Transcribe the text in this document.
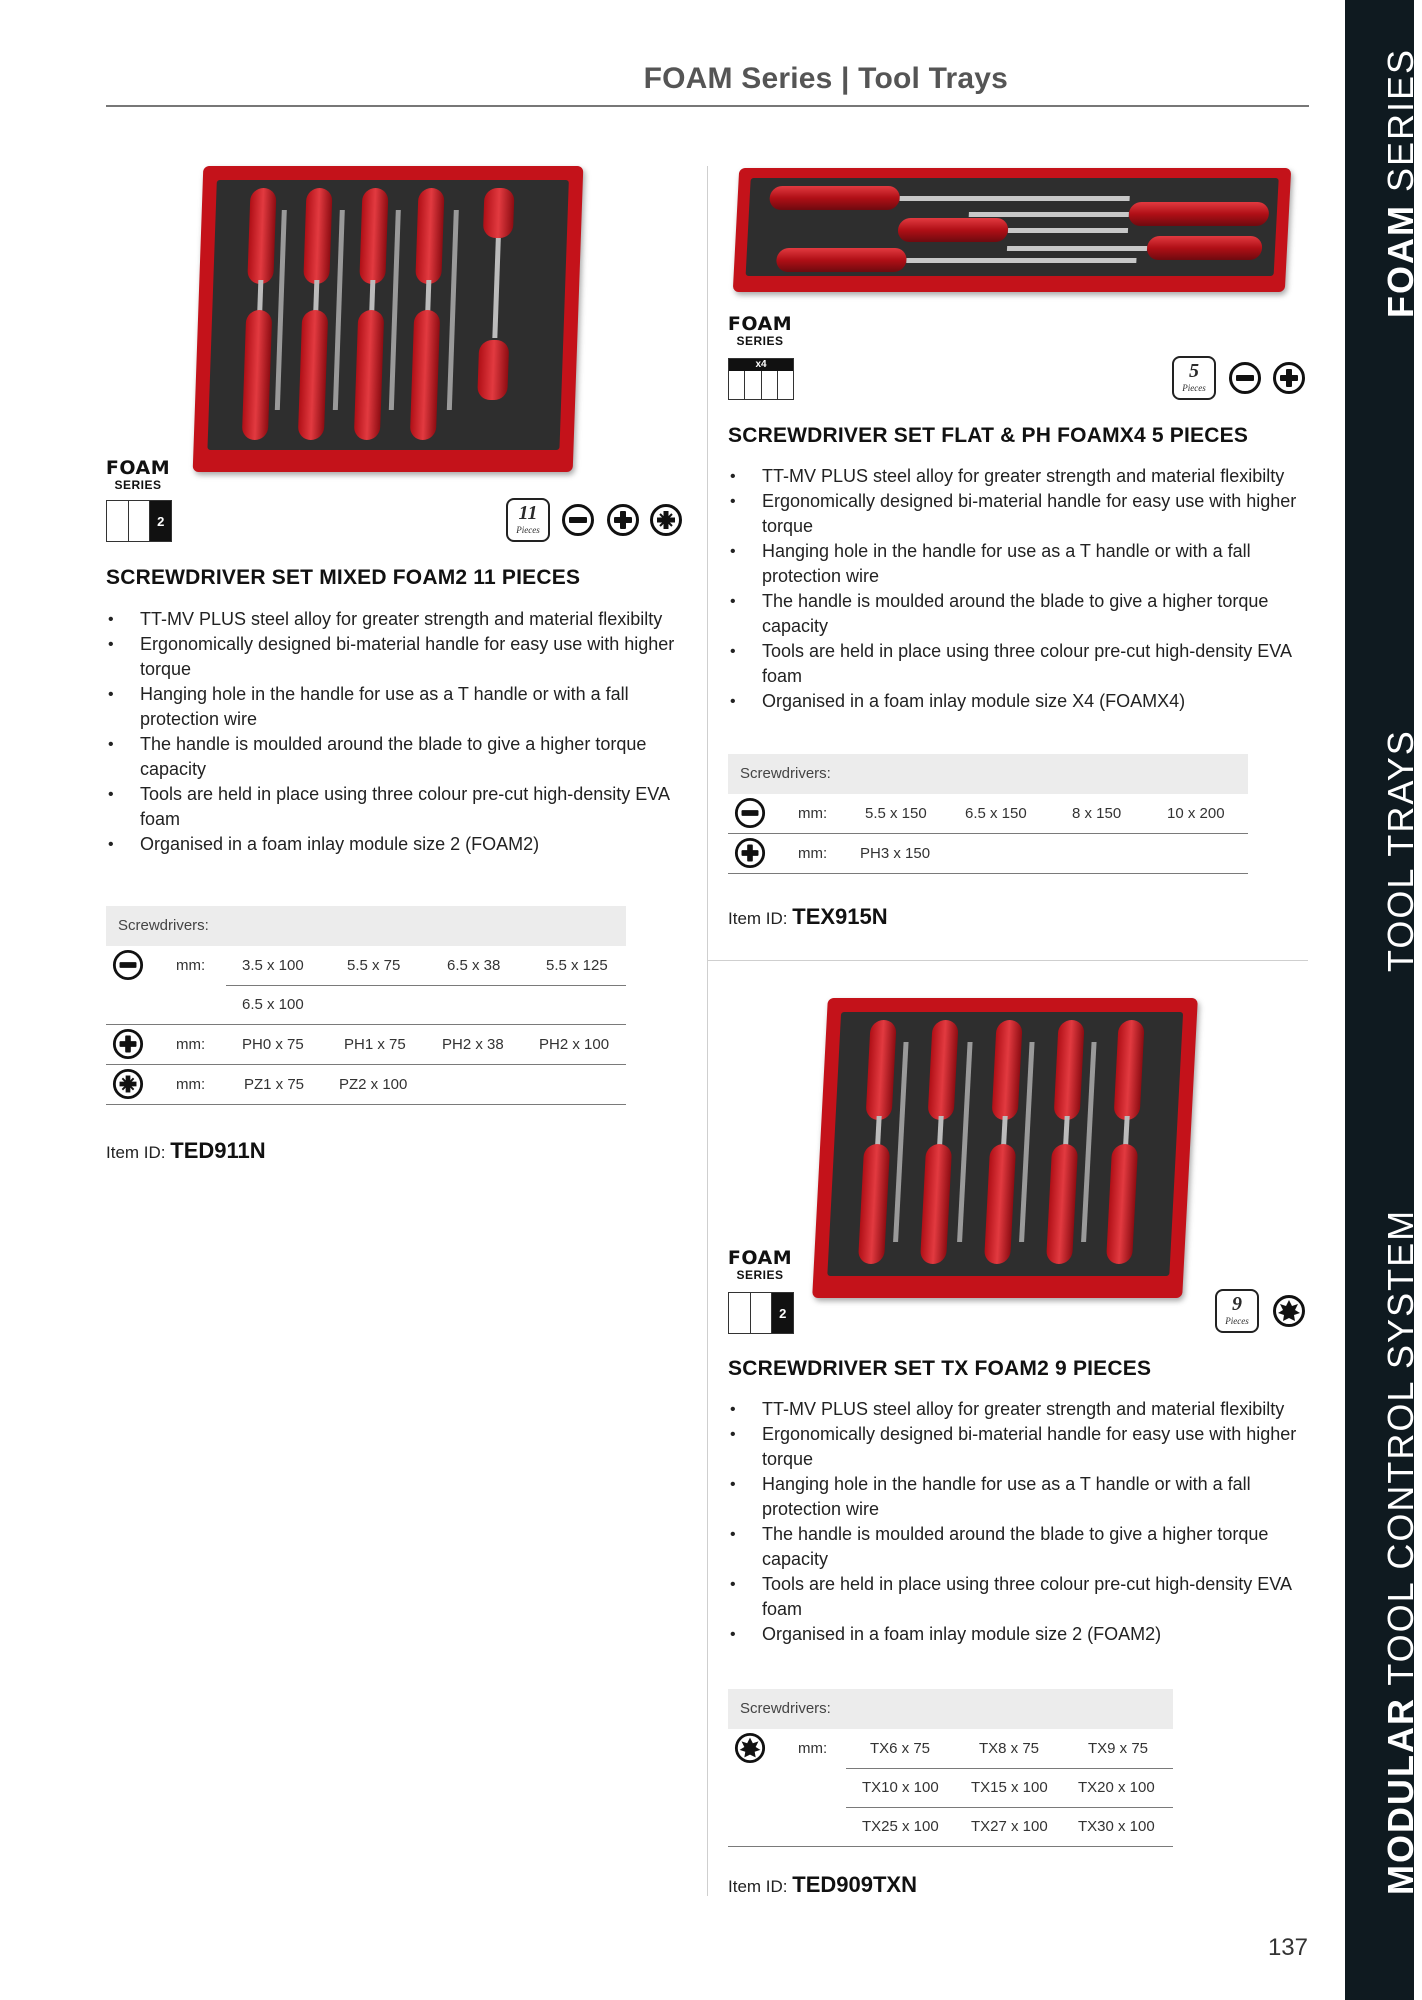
FOAM Series | Tool Trays
FOAM SERIES
TOOL TRAYS
MODULAR TOOL CONTROL SYSTEM
FOAM
SERIES
2	11
Pieces
SCREWDRIVER SET MIXED FOAM2 11 PIECES
• TT-MV PLUS steel alloy for greater strength and material flexibilty
• Ergonomically designed bi-material handle for easy use with higher torque
• Hanging hole in the handle for use as a T handle or with a fall protection wire
• The handle is moulded around the blade to give a higher torque capacity
• Tools are held in place using three colour pre-cut high-density EVA foam
• Organised in a foam inlay module size 2 (FOAM2)
Screwdrivers:
mm: 3.5 x 100	5.5 x 75	6.5 x 38	5.5 x 125
6.5 x 100
mm: PH0 x 75	PH1 x 75 PH2 x 38 PH2 x 100
mm:	PZ1 x 75 PZ2 x 100
Item ID: TED911N
FOAM
SERIES
x4	5
Pieces
SCREWDRIVER SET FLAT & PH FOAMX4 5 PIECES
• TT-MV PLUS steel alloy for greater strength and material flexibilty
• Ergonomically designed bi-material handle for easy use with higher torque
• Hanging hole in the handle for use as a T handle or with a fall protection wire
• The handle is moulded around the blade to give a higher torque capacity
• Tools are held in place using three colour pre-cut high-density EVA foam
• Organised in a foam inlay module size X4 (FOAMX4)
Screwdrivers:
mm:	5.5 x 150	6.5 x 150	8 x 150	10 x 200
mm: PH3 x 150
Item ID: TEX915N
FOAM
SERIES
2	9
Pieces
SCREWDRIVER SET TX FOAM2 9 PIECES
• TT-MV PLUS steel alloy for greater strength and material flexibilty
• Ergonomically designed bi-material handle for easy use with higher torque
• Hanging hole in the handle for use as a T handle or with a fall protection wire
• The handle is moulded around the blade to give a higher torque capacity
• Tools are held in place using three colour pre-cut high-density EVA foam
• Organised in a foam inlay module size 2 (FOAM2)
Screwdrivers:
mm:	TX6 x 75	TX8 x 75	TX9 x 75
TX10 x 100 TX15 x 100 TX20 x 100
TX25 x 100 TX27 x 100 TX30 x 100
Item ID: TED909TXN
137
